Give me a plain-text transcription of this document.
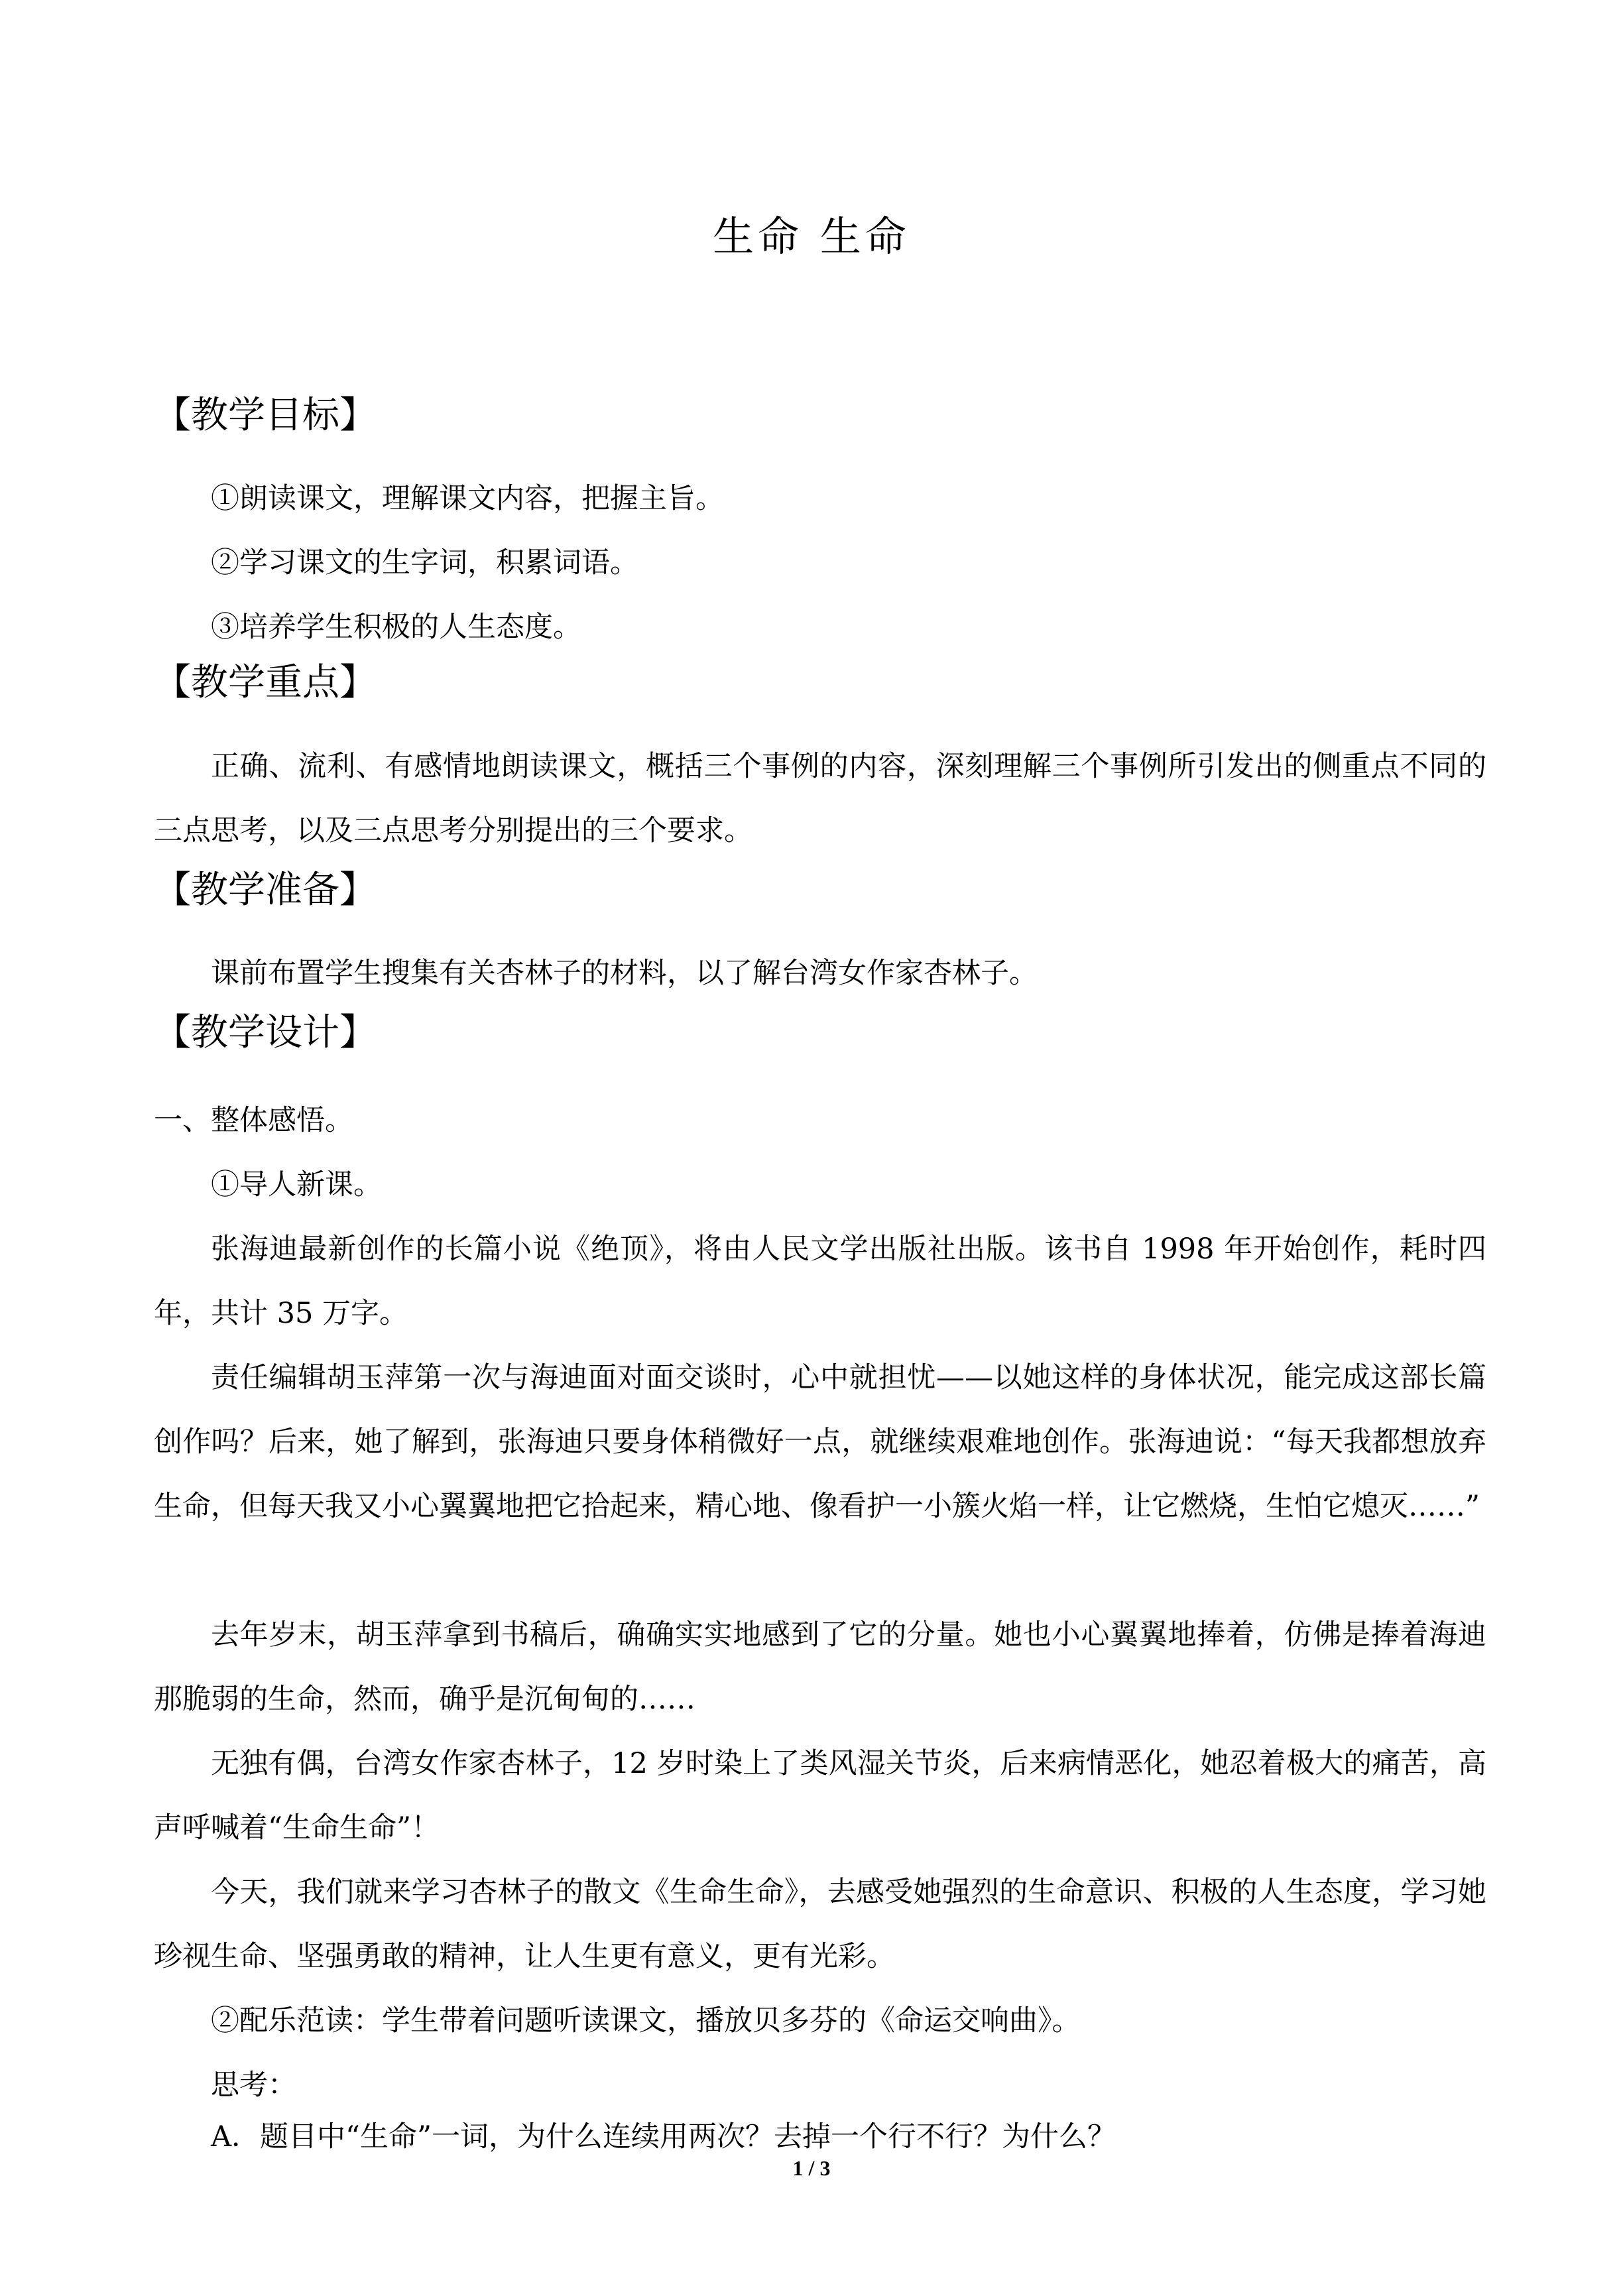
生命 生命
【教学目标】
①朗读课文，理解课文内容，把握主旨。
②学习课文的生字词，积累词语。
③培养学生积极的人生态度。
【教学重点】

正确、流利、有感情地朗读课文，概括三个事例的内容，深刻理解三个事例所引发出的侧重点不同的三点思考，以及三点思考分别提出的三个要求。

【教学准备】
课前布置学生搜集有关杏林子的材料，以了解台湾女作家杏林子。
【教学设计】
一、整体感悟。
①导人新课。

张海迪最新创作的长篇小说《绝顶》，将由人民文学出版社出版。该书自 1998 年开始创作，耗时四年，共计 35 万字。

责任编辑胡玉萍第一次与海迪面对面交谈时，心中就担忧——以她这样的身体状况，能完成这部长篇创作吗？后来，她了解到，张海迪只要身体稍微好一点，就继续艰难地创作。张海迪说：“每天我都想放弃生命，但每天我又小心翼翼地把它拾起来，精心地、像看护一小簇火焰一样，让它燃烧，生怕它熄灭……”

去年岁末，胡玉萍拿到书稿后，确确实实地感到了它的分量。她也小心翼翼地捧着，仿佛是捧着海迪那脆弱的生命，然而，确乎是沉甸甸的……

无独有偶，台湾女作家杏林子，12 岁时染上了类风湿关节炎，后来病情恶化，她忍着极大的痛苦，高声呼喊着“生命生命”！

今天，我们就来学习杏林子的散文《生命生命》，去感受她强烈的生命意识、积极的人生态度，学习她珍视生命、坚强勇敢的精神，让人生更有意义，更有光彩。

②配乐范读：学生带着问题听读课文，播放贝多芬的《命运交响曲》。
思考：
A．题目中“生命”一词，为什么连续用两次？去掉一个行不行？为什么？
1 / 3
